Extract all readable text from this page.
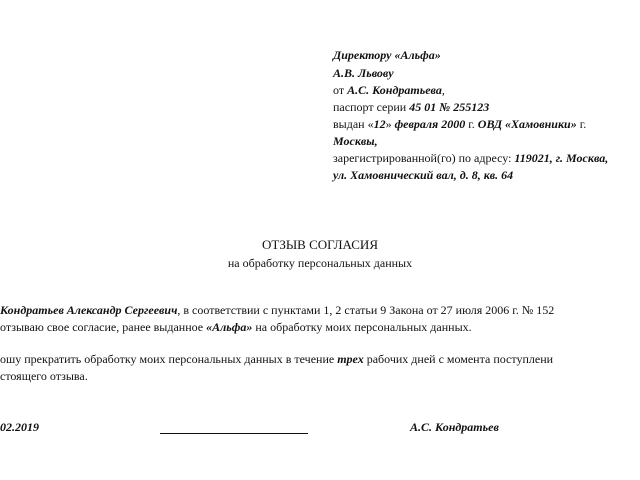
Директору «Альфа»
А.В. Львову
от А.С. Кондратьева,
паспорт серии 45 01 № 255123
выдан «12» февраля 2000 г. ОВД «Хамовники» г.
Москвы,
зарегистрированной(го) по адресу: 119021, г. Москва,
ул. Хамовнический вал, д. 8, кв. 64
ОТЗЫВ СОГЛАСИЯ
на обработку персональных данных
Кондратьев Александр Сергеевич, в соответствии с пунктами 1, 2 статьи 9 Закона от 27 июля 2006 г. № 152
отзываю свое согласие, ранее выданное «Альфа» на обработку моих персональных данных.
ошу прекратить обработку моих персональных данных в течение трех рабочих дней с момента поступлени
стоящего отзыва.
02.2019	А.С. Кондратьев
